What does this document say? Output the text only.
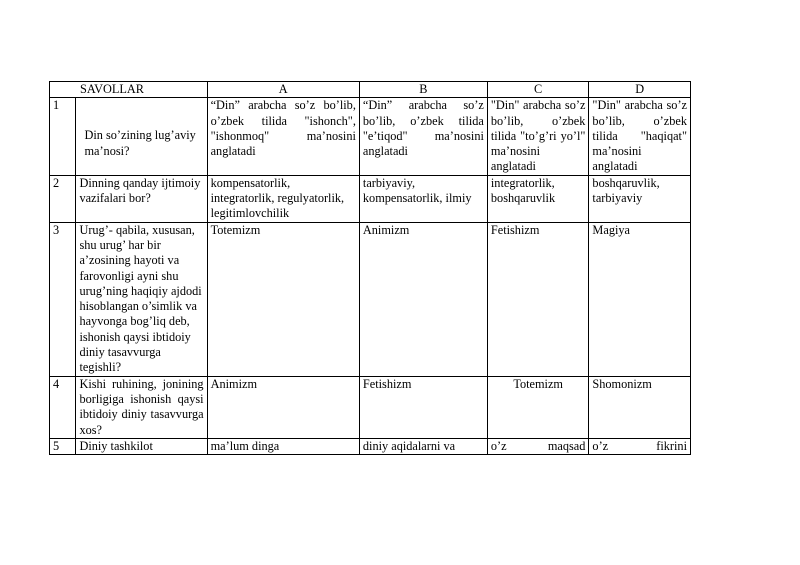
SAVOLLAR		A	B	C	D
1	Din so’zining lug’aviy ma’nosi?	“Din” arabcha so’z bo’lib, o’zbek tilida "ishonch", "ishonmoq" ma’nosini anglatadi	“Din” arabcha so’z bo’lib, o’zbek tilida "e’tiqod" ma’nosini anglatadi	"Din" arabcha so’z bo’lib, o’zbek tilida "to’g’ri yo’l" ma’nosini anglatadi	"Din" arabcha so’z bo’lib, o’zbek tilida "haqiqat" ma’nosini anglatadi
2	Dinning qanday ijtimoiy vazifalari bor?	kompensatorlik, integratorlik, regulyatorlik, legitimlovchilik	tarbiyaviy, kompensatorlik, ilmiy	integratorlik, boshqaruvlik	boshqaruvlik, tarbiyaviy
3	Urug’- qabila, xususan, shu urug’ har bir a’zosining hayoti va farovonligi ayni shu urug’ning haqiqiy ajdodi hisoblangan o’simlik va hayvonga bog’liq deb, ishonish qaysi ibtidoiy diniy tasavvurga tegishli?	Totemizm	Animizm	Fetishizm	Magiya
4	Kishi ruhining, jonining borligiga ishonish qaysi ibtidoiy diniy tasavvurga xos?	Animizm	Fetishizm	Totemizm	Shomonizm
5	Diniy tashkilot	ma’lum dinga	diniy aqidalarni va	o’z maqsad	o’z fikrini
